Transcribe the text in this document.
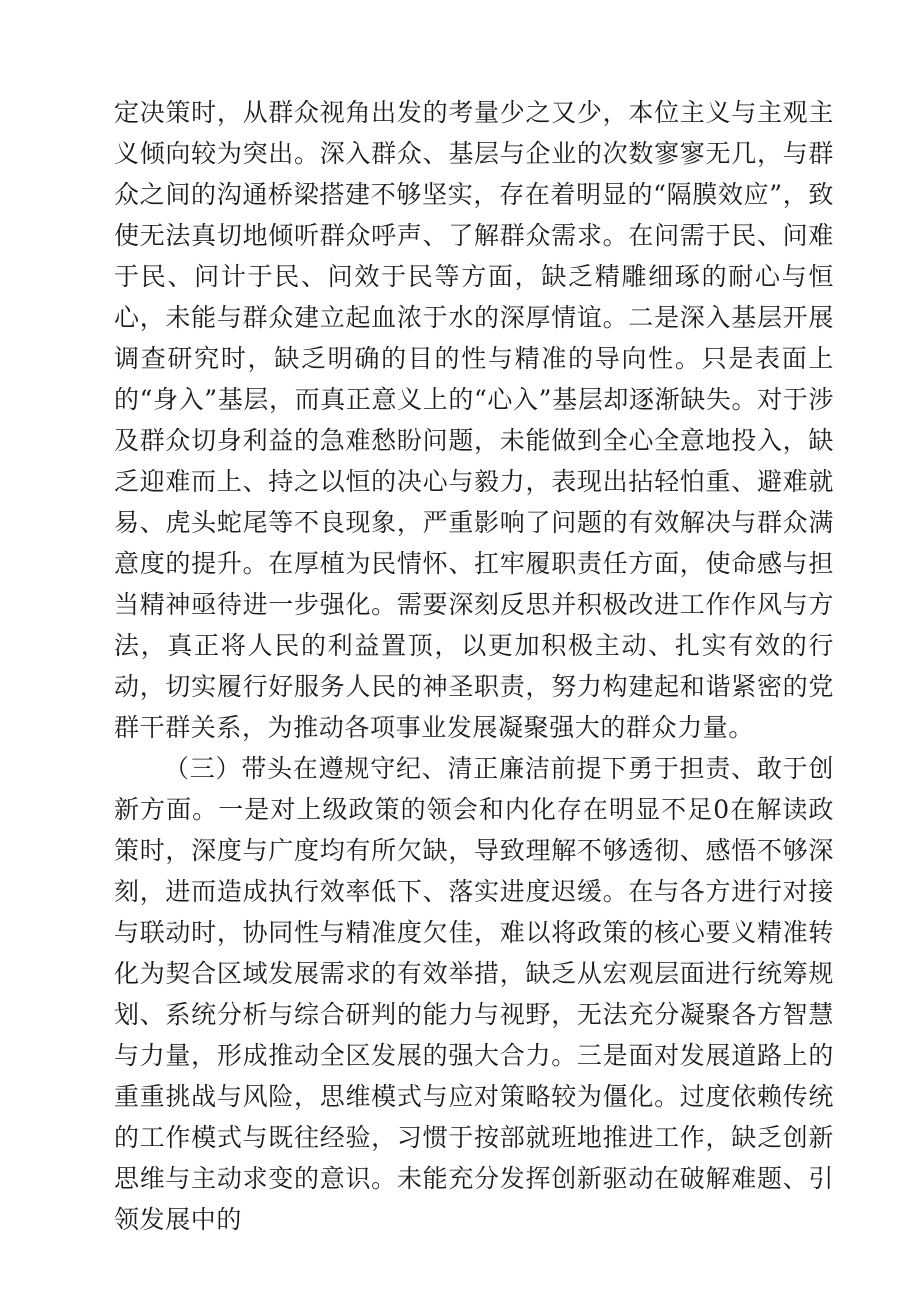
定决策时，从群众视角出发的考量少之又少，本位主义与主观主义倾向较为突出。深入群众、基层与企业的次数寥寥无几，与群众之间的沟通桥梁搭建不够坚实，存在着明显的“隔膜效应”，致使无法真切地倾听群众呼声、了解群众需求。在问需于民、问难于民、问计于民、问效于民等方面，缺乏精雕细琢的耐心与恒心，未能与群众建立起血浓于水的深厚情谊。二是深入基层开展调查研究时，缺乏明确的目的性与精准的导向性。只是表面上的“身入”基层，而真正意义上的“心入”基层却逐渐缺失。对于涉及群众切身利益的急难愁盼问题，未能做到全心全意地投入，缺乏迎难而上、持之以恒的决心与毅力，表现出拈轻怕重、避难就易、虎头蛇尾等不良现象，严重影响了问题的有效解决与群众满意度的提升。在厚植为民情怀、扛牢履职责任方面，使命感与担当精神亟待进一步强化。需要深刻反思并积极改进工作作风与方法，真正将人民的利益置顶，以更加积极主动、扎实有效的行动，切实履行好服务人民的神圣职责，努力构建起和谐紧密的党群干群关系，为推动各项事业发展凝聚强大的群众力量。

（三）带头在遵规守纪、清正廉洁前提下勇于担责、敢于创新方面。一是对上级政策的领会和内化存在明显不足0在解读政策时，深度与广度均有所欠缺，导致理解不够透彻、感悟不够深刻，进而造成执行效率低下、落实进度迟缓。在与各方进行对接与联动时，协同性与精准度欠佳，难以将政策的核心要义精准转化为契合区域发展需求的有效举措，缺乏从宏观层面进行统筹规划、系统分析与综合研判的能力与视野，无法充分凝聚各方智慧与力量，形成推动全区发展的强大合力。三是面对发展道路上的重重挑战与风险，思维模式与应对策略较为僵化。过度依赖传统的工作模式与既往经验，习惯于按部就班地推进工作，缺乏创新思维与主动求变的意识。未能充分发挥创新驱动在破解难题、引领发展中的
